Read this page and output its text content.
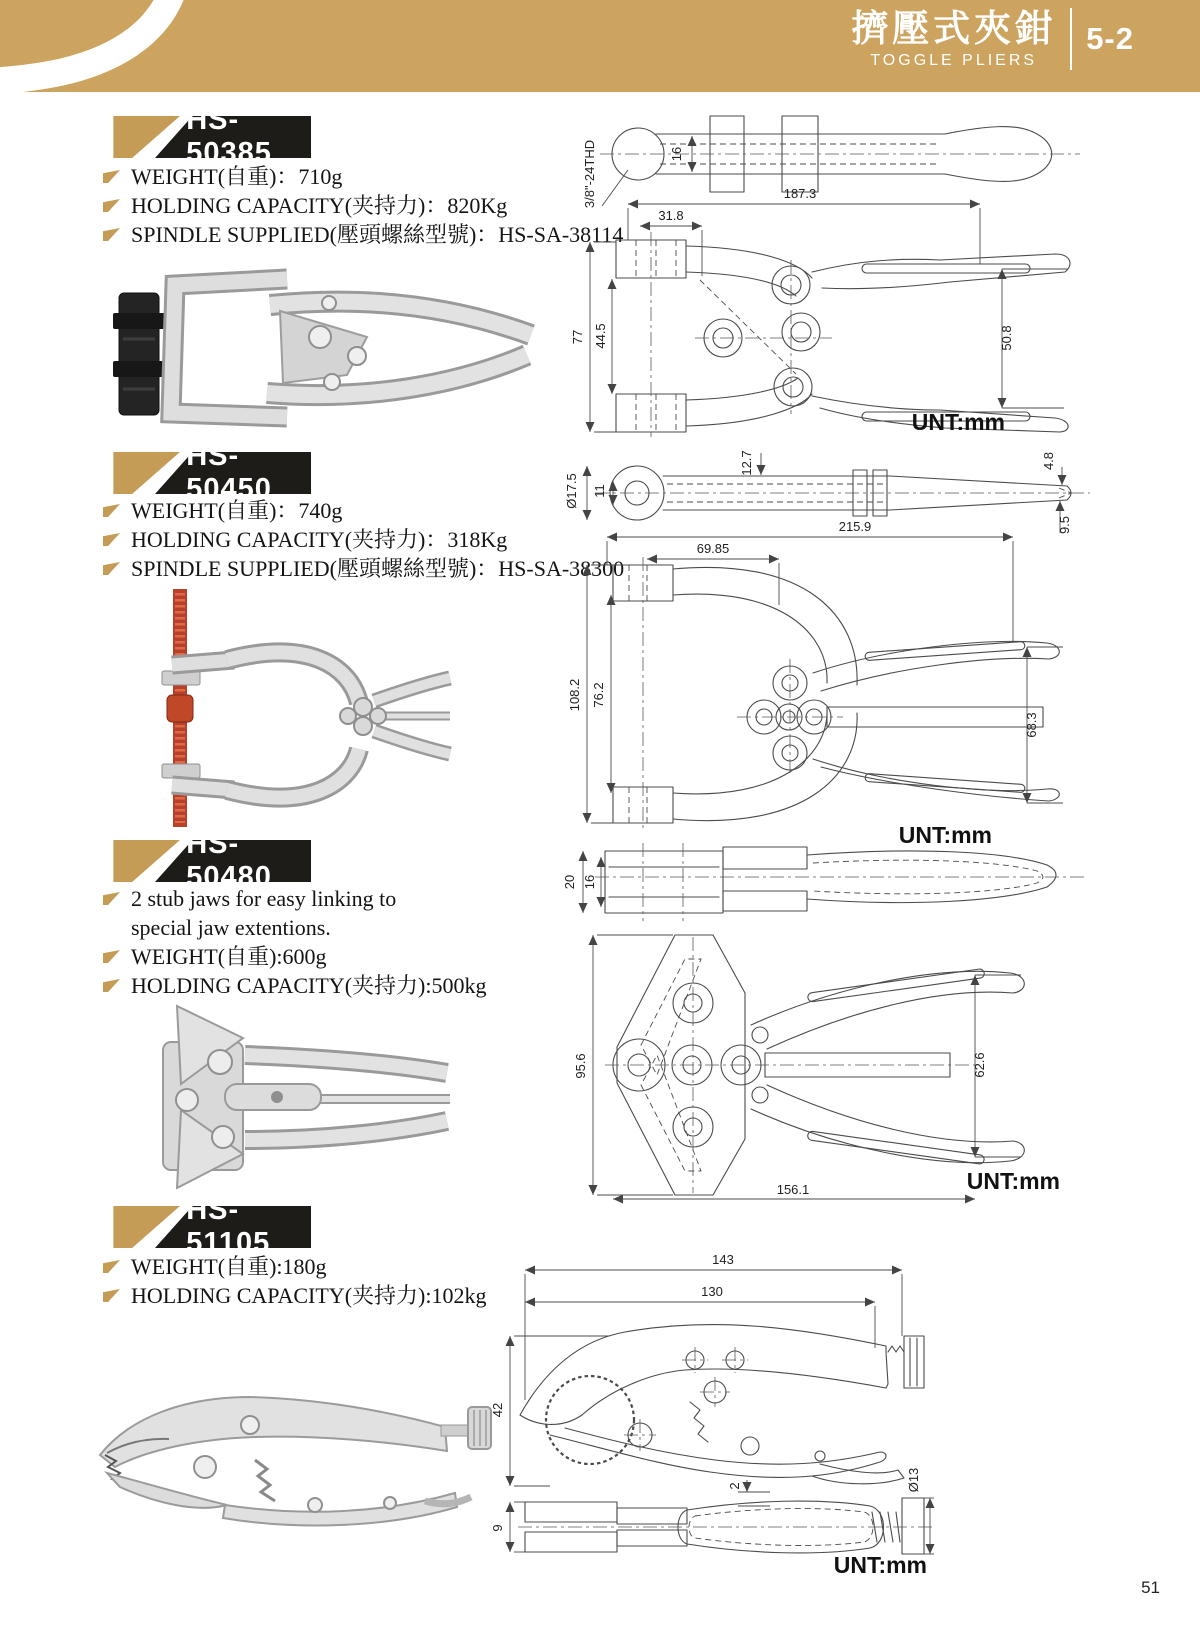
擠壓式夾鉗
TOGGLE PLIERS
5-2
HS-50385
WEIGHT(自重)：710g
HOLDING CAPACITY(夹持力)：820Kg
SPINDLE SUPPLIED(壓頭螺絲型號)：HS-SA-38114
16
3/8"-24THD	187.3
31.8
77 44.5	50.8
UNT:mm
HS-50450
WEIGHT(自重)：740g
HOLDING CAPACITY(夹持力)：318Kg
SPINDLE SUPPLIED(壓頭螺絲型號)：HS-SA-38300
Ø17.5 11
12.7	4.8
9.5
215.9
69.85
108.2 76.2
68.3
UNT:mm
HS-50480
2 stub jaws for easy linking to
special jaw extentions.
WEIGHT(自重):600g
HOLDING CAPACITY(夹持力):500kg
20 16
95.6	62.6
156.1	UNT:mm
HS-51105
WEIGHT(自重):180g
HOLDING CAPACITY(夹持力):102kg
143
130
42
2	Ø13
9
UNT:mm
51
